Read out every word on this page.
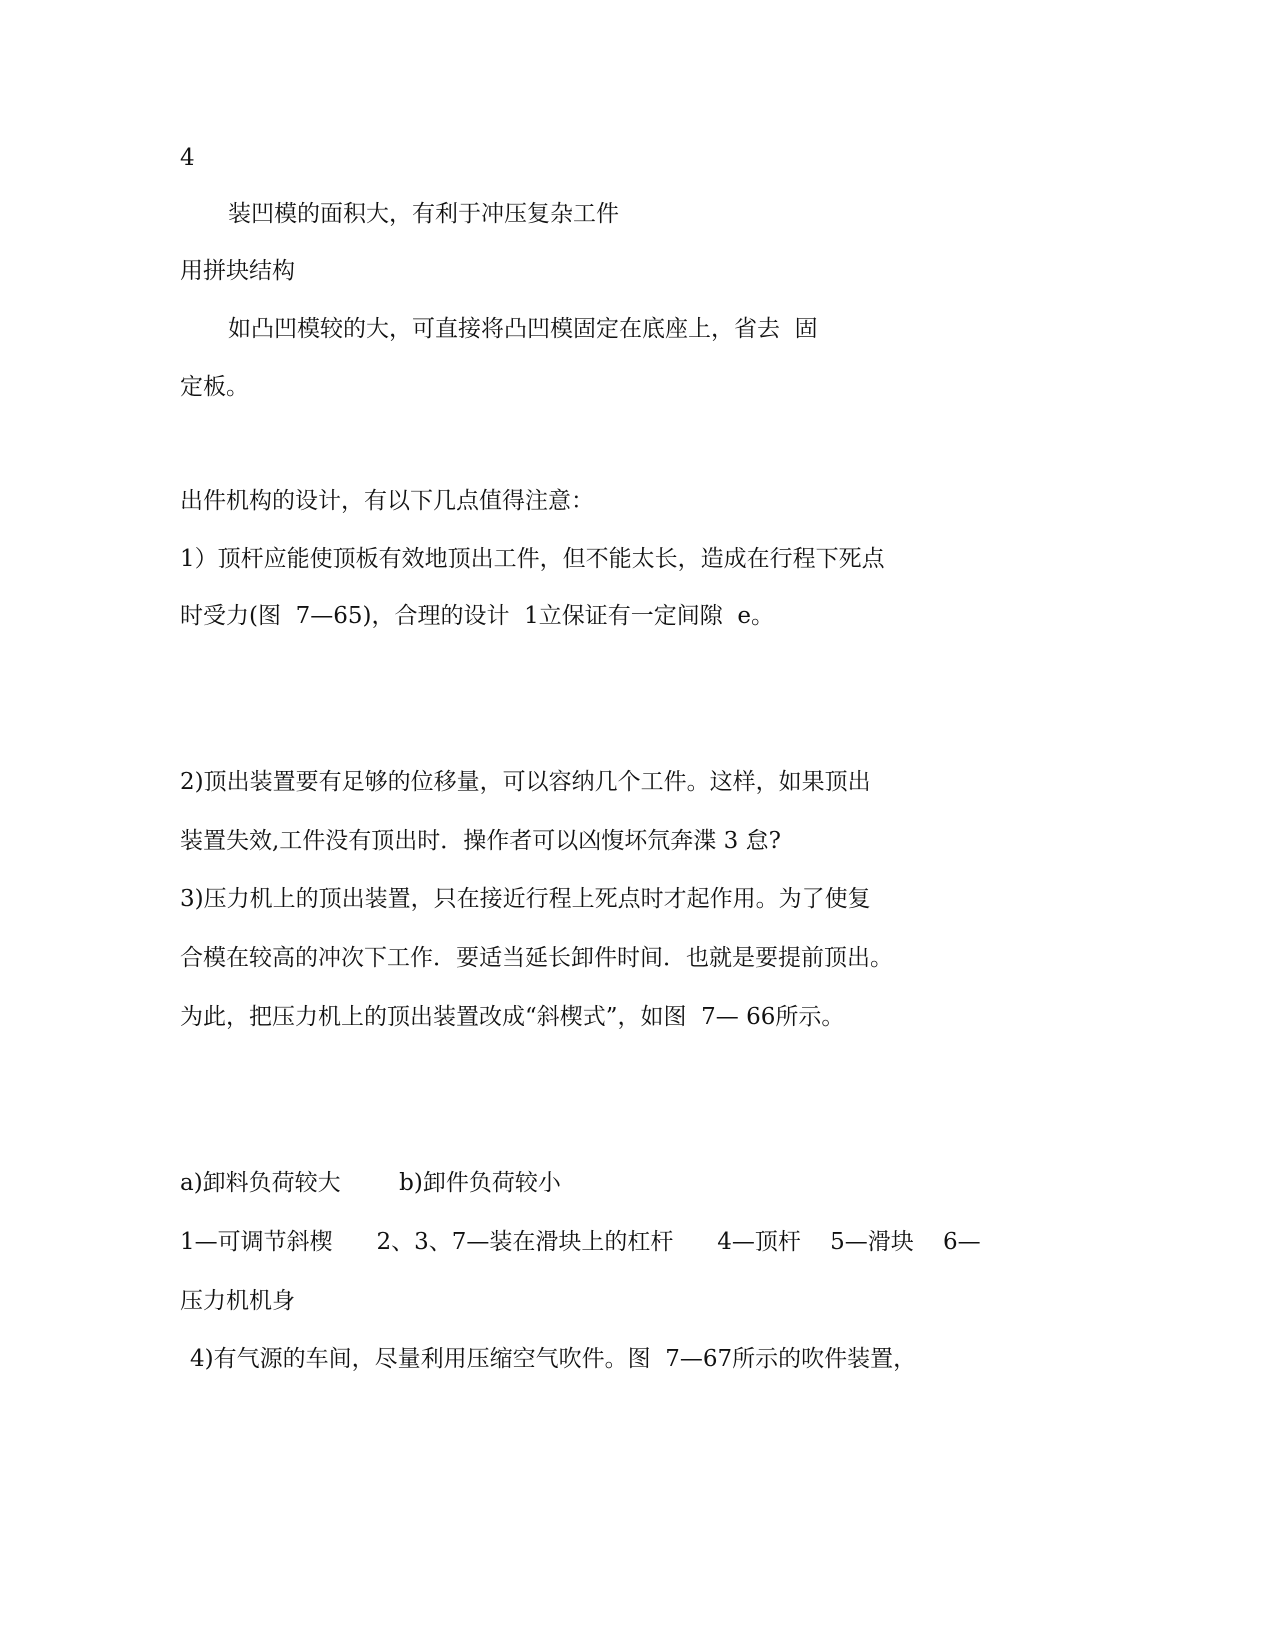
4

装凹模的面积大，有利于冲压复杂工件

用拼块结构

如凸凹模较的大，可直接将凸凹模固定在底座上，省去  固

定板。

出件机构的设计，有以下几点值得注意：

1）顶杆应能使顶板有效地顶出工件，但不能太长，造成在行程下死点

时受力(图  7—65)，合理的设计  1立保证有一定间隙  e。

2)顶出装置要有足够的位移量，可以容纳几个工件。这样，如果顶出

装置失效,工件没有顶出时．操作者可以凶愎坏氘奔渫 3 怠?

3)压力机上的顶出装置，只在接近行程上死点时才起作用。为了使复

合模在较高的冲次下工作．要适当延长卸件时间．也就是要提前顶出。

为此，把压力机上的顶出装置改成“斜楔式”，如图  7— 66所示。

a)卸料负荷较大        b)卸件负荷较小

1—可调节斜楔      2、3、7—装在滑块上的杠杆      4—顶杆    5—滑块    6—

压力机机身

4)有气源的车间，尽量利用压缩空气吹件。图  7—67所示的吹件装置，
